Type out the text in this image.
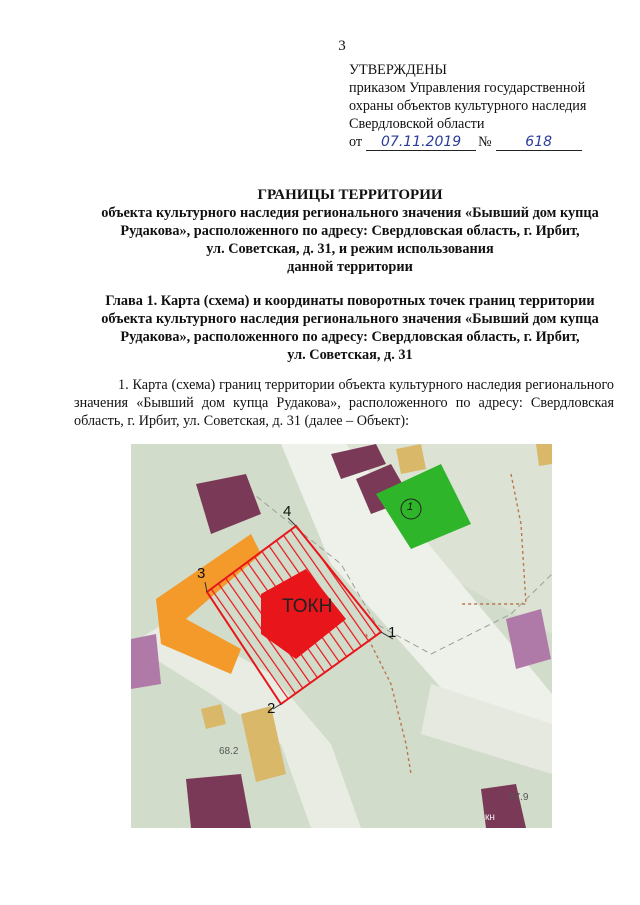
3
УТВЕРЖДЕНЫ
приказом Управления государственной
охраны объектов культурного наследия
Свердловской области
от	07.11.2019	№	618
ГРАНИЦЫ ТЕРРИТОРИИ
объекта культурного наследия регионального значения «Бывший дом купца
Рудакова», расположенного по адресу: Свердловская область, г. Ирбит,
ул. Советская, д. 31, и режим использования
данной территории
Глава 1. Карта (схема) и координаты поворотных точек границ территории
объекта культурного наследия регионального значения «Бывший дом купца
Рудакова», расположенного по адресу: Свердловская область, г. Ирбит,
ул. Советская, д. 31
1. Карта (схема) границ территории объекта культурного наследия регионального значения «Бывший дом купца Рудакова», расположенного по адресу: Свердловская область, г. Ирбит, ул. Советская, д. 31 (далее – Объект):
ТОКН
1
2
3
4	1
68.2
67.9
кн
